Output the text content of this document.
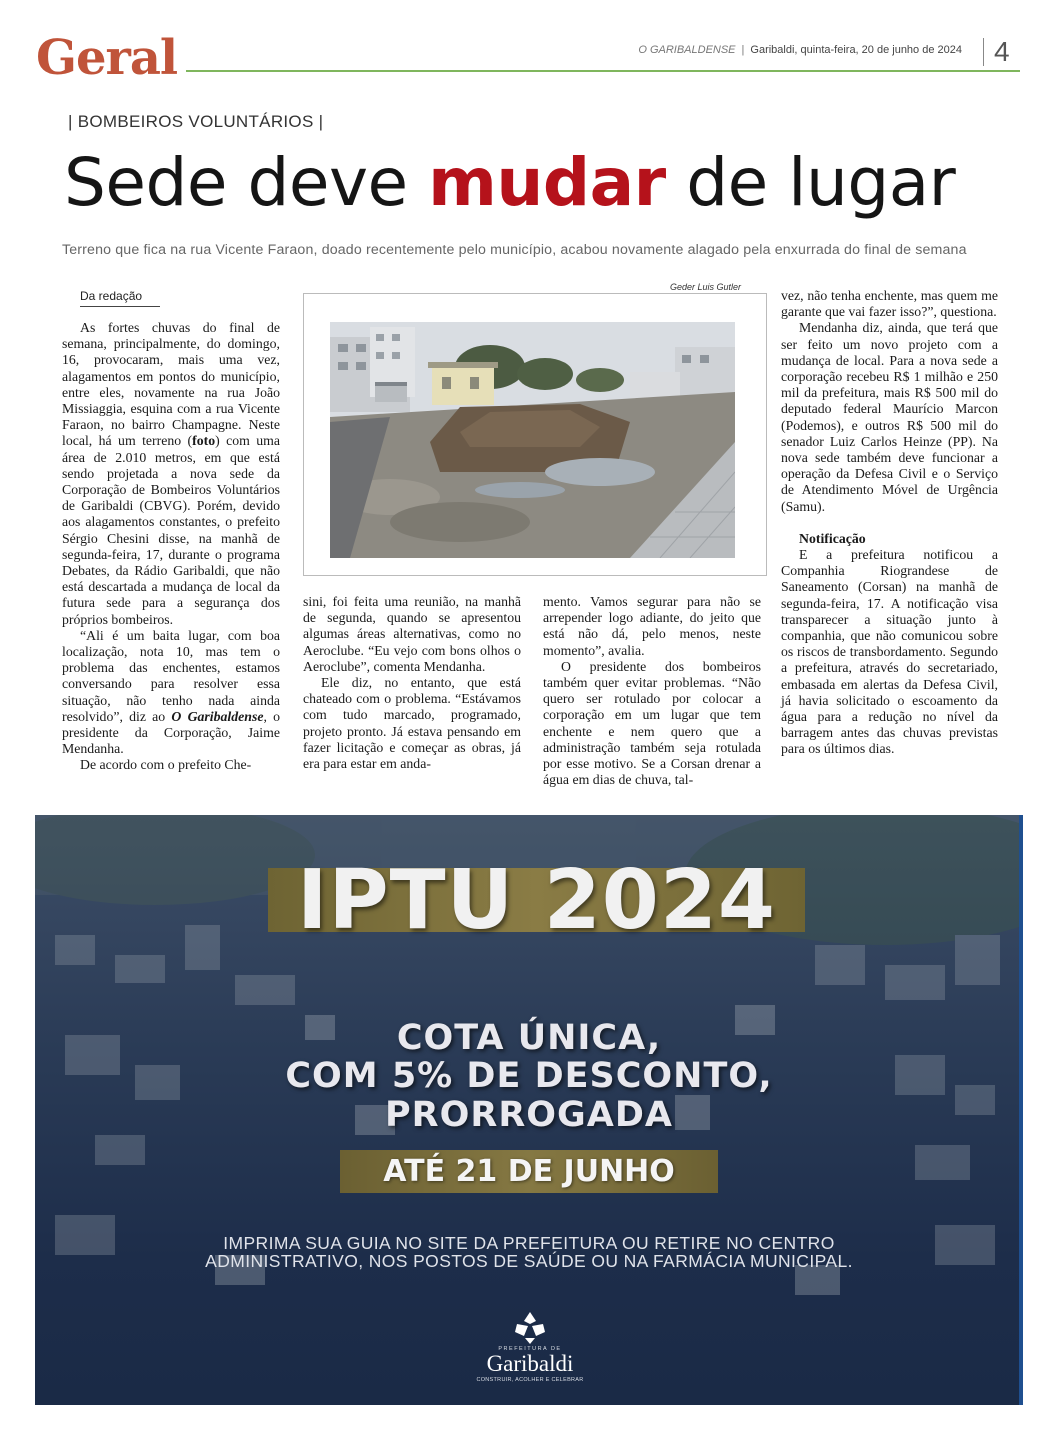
Geral	O GARIBALDENSE | Garibaldi, quinta-feira, 20 de junho de 2024 4
| BOMBEIROS VOLUNTÁRIOS |
Sede deve mudar de lugar
Terreno que fica na rua Vicente Faraon, doado recentemente pelo município, acabou novamente alagado pela enxurrada do final de semana
Da redação

As fortes chuvas do final de semana, principalmente, do domingo, 16, provocaram, mais uma vez, alagamentos em pontos do município, entre eles, novamente na rua João Missiaggia, esquina com a rua Vicente Faraon, no bairro Champagne. Neste local, há um terreno (foto) com uma área de 2.010 metros, em que está sendo projetada a nova sede da Corporação de Bombeiros Voluntários de Garibaldi (CBVG). Porém, devido aos alagamentos constantes, o prefeito Sérgio Chesini disse, na manhã de segunda-feira, 17, durante o programa Debates, da Rádio Garibaldi, que não está descartada a mudança de local da futura sede para a segurança dos próprios bombeiros.

“Ali é um baita lugar, com boa localização, nota 10, mas tem o problema das enchentes, estamos conversando para resolver essa situação, não tenho nada ainda resolvido”, diz ao O Garibaldense, o presidente da Corporação, Jaime Mendanha.

De acordo com o prefeito Che-

Geder Luis Gutler

sini, foi feita uma reunião, na manhã de segunda, quando se apresentou algumas áreas alternativas, como no Aeroclube. “Eu vejo com bons olhos o Aeroclube”, comenta Mendanha.

Ele diz, no entanto, que está chateado com o problema. “Estávamos com tudo marcado, programado, projeto pronto. Já estava pensando em fazer licitação e começar as obras, já era para estar em anda-

mento. Vamos segurar para não se arrepender logo adiante, do jeito que está não dá, pelo menos, neste momento”, avalia.

O presidente dos bombeiros também quer evitar problemas. “Não quero ser rotulado por colocar a corporação em um lugar que tem enchente e nem quero que a administração também seja rotulada por esse motivo. Se a Corsan drenar a água em dias de chuva, tal-

vez, não tenha enchente, mas quem me garante que vai fazer isso?”, questiona.

Mendanha diz, ainda, que terá que ser feito um novo projeto com a mudança de local. Para a nova sede a corporação recebeu R$ 1 milhão e 250 mil da prefeitura, mais R$ 500 mil do deputado federal Maurício Marcon (Podemos), e outros R$ 500 mil do senador Luiz Carlos Heinze (PP). Na nova sede também deve funcionar a operação da Defesa Civil e o Serviço de Atendimento Móvel de Urgência (Samu).

Notificação

E a prefeitura notificou a Companhia Riograndese de Saneamento (Corsan) na manhã de segunda-feira, 17. A notificação visa transparecer a situação junto à companhia, que não comunicou sobre os riscos de transbordamento. Segundo a prefeitura, através do secretariado, embasada em alertas da Defesa Civil, já havia solicitado o escoamento da água para a redução no nível da barragem antes das chuvas previstas para os últimos dias.

IPTU 2024
COTA ÚNICA,
COM 5% DE DESCONTO,
PRORROGADA
ATÉ 21 DE JUNHO
IMPRIMA SUA GUIA NO SITE DA PREFEITURA OU RETIRE NO CENTRO
ADMINISTRATIVO, NOS POSTOS DE SAÚDE OU NA FARMÁCIA MUNICIPAL.
PREFEITURA DE
Garibaldi
CONSTRUIR, ACOLHER E CELEBRAR
